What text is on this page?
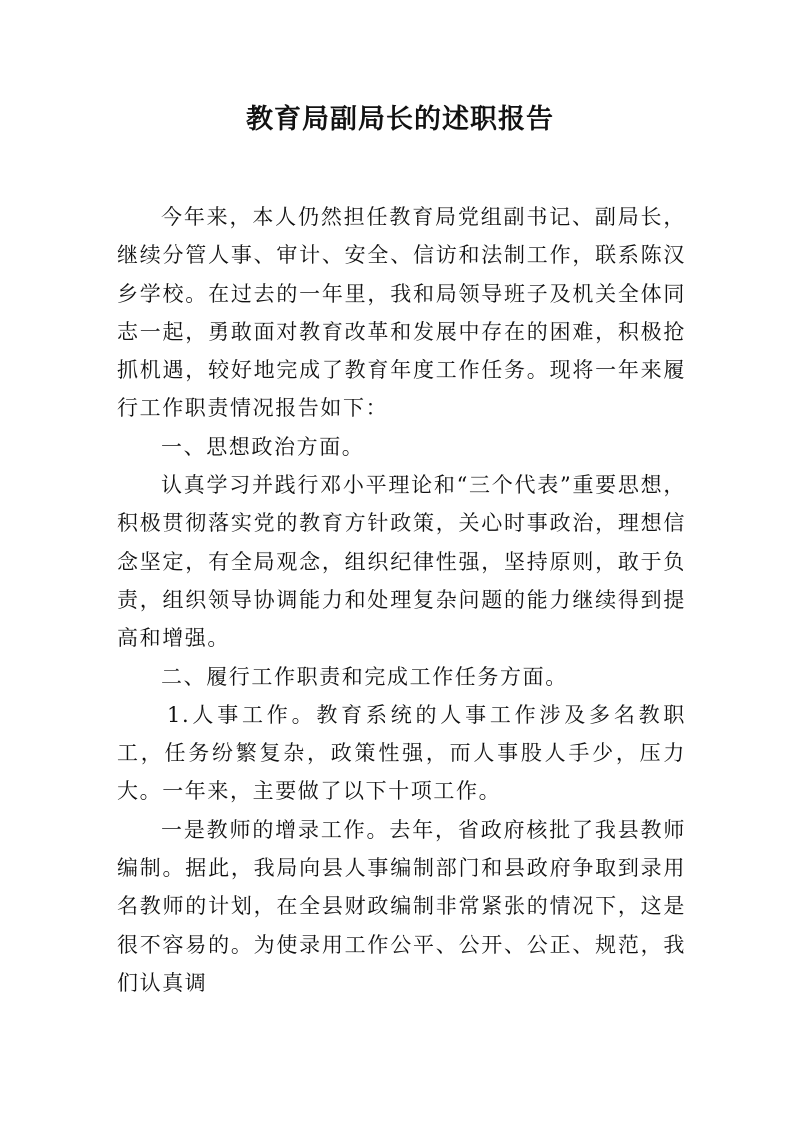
教育局副局长的述职报告

今年来，本人仍然担任教育局党组副书记、副局长，继续分管人事、审计、安全、信访和法制工作，联系陈汉乡学校。在过去的一年里，我和局领导班子及机关全体同志一起，勇敢面对教育改革和发展中存在的困难，积极抢抓机遇，较好地完成了教育年度工作任务。现将一年来履行工作职责情况报告如下：

一、思想政治方面。

认真学习并践行邓小平理论和“三个代表”重要思想，积极贯彻落实党的教育方针政策，关心时事政治，理想信念坚定，有全局观念，组织纪律性强，坚持原则，敢于负责，组织领导协调能力和处理复杂问题的能力继续得到提高和增强。

二、履行工作职责和完成工作任务方面。

1.人事工作。教育系统的人事工作涉及多名教职工，任务纷繁复杂，政策性强，而人事股人手少，压力大。一年来，主要做了以下十项工作。

一是教师的增录工作。去年，省政府核批了我县教师编制。据此，我局向县人事编制部门和县政府争取到录用名教师的计划，在全县财政编制非常紧张的情况下，这是很不容易的。为使录用工作公平、公开、公正、规范，我们认真调
